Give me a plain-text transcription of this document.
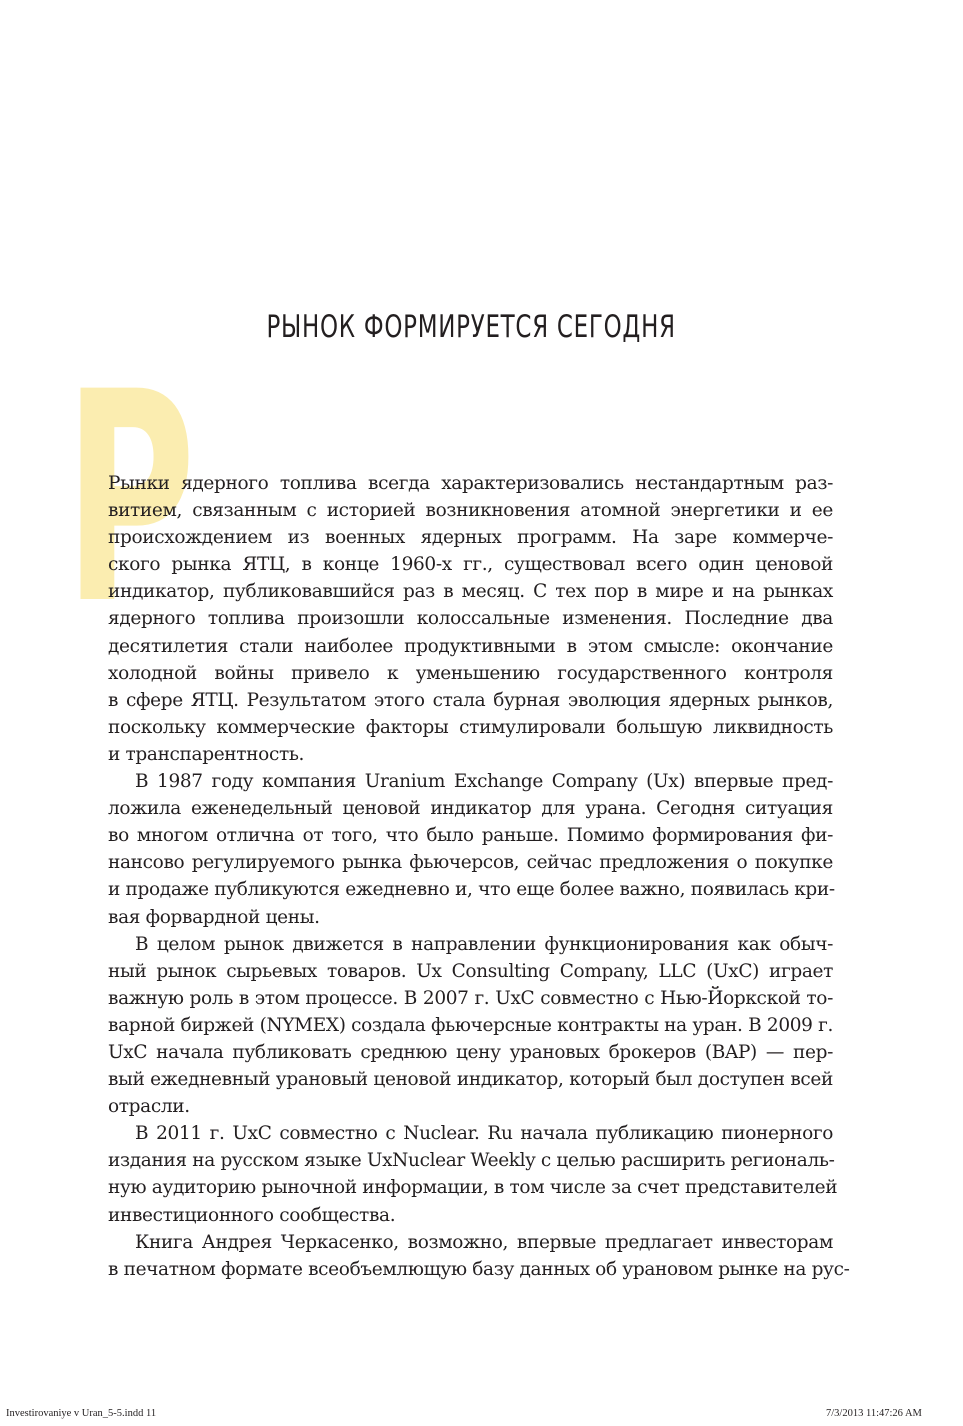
РЫНОК ФОРМИРУЕТСЯ СЕГОДНЯ
Р
Рынки ядерного топлива всегда характеризовались нестандартным раз-
витием, связанным с историей возникновения атомной энергетики и ее
происхождением из военных ядерных программ. На заре коммерче-
ского рынка ЯТЦ, в конце 1960-х гг., существовал всего один ценовой
индикатор, публиковавшийся раз в месяц. С тех пор в мире и на рынках
ядерного топлива произошли колоссальные изменения. Последние два
десятилетия стали наиболее продуктивными в этом смысле: окончание
холодной войны привело к уменьшению государственного контроля
в сфере ЯТЦ. Результатом этого стала бурная эволюция ядерных рынков,
поскольку коммерческие факторы стимулировали большую ликвидность
и транспарентность.
В 1987 году компания Uranium Exchange Company (Ux) впервые пред-
ложила еженедельный ценовой индикатор для урана. Сегодня ситуация
во многом отлична от того, что было раньше. Помимо формирования фи-
нансово регулируемого рынка фьючерсов, сейчас предложения о покупке
и продаже публикуются ежедневно и, что еще более важно, появилась кри-
вая форвардной цены.
В целом рынок движется в направлении функционирования как обыч-
ный рынок сырьевых товаров. Ux Consulting Company, LLC (UxC) играет
важную роль в этом процессе. В 2007 г. UxC совместно с Нью-Йоркской то-
варной биржей (NYMEX) создала фьючерсные контракты на уран. В 2009 г.
UxC начала публиковать среднюю цену урановых брокеров (BAP) — пер-
вый ежедневный урановый ценовой индикатор, который был доступен всей
отрасли.
В 2011 г. UxC совместно с Nuclear. Ru начала публикацию пионерного
издания на русском языке UxNuclear Weekly с целью расширить региональ-
ную аудиторию рыночной информации, в том числе за счет представителей
инвестиционного сообщества.
Книга Андрея Черкасенко, возможно, впервые предлагает инвесторам
в печатном формате всеобъемлющую базу данных об урановом рынке на рус-
Investirovaniye v Uran_5-5.indd 11	7/3/2013 11:47:26 AM
